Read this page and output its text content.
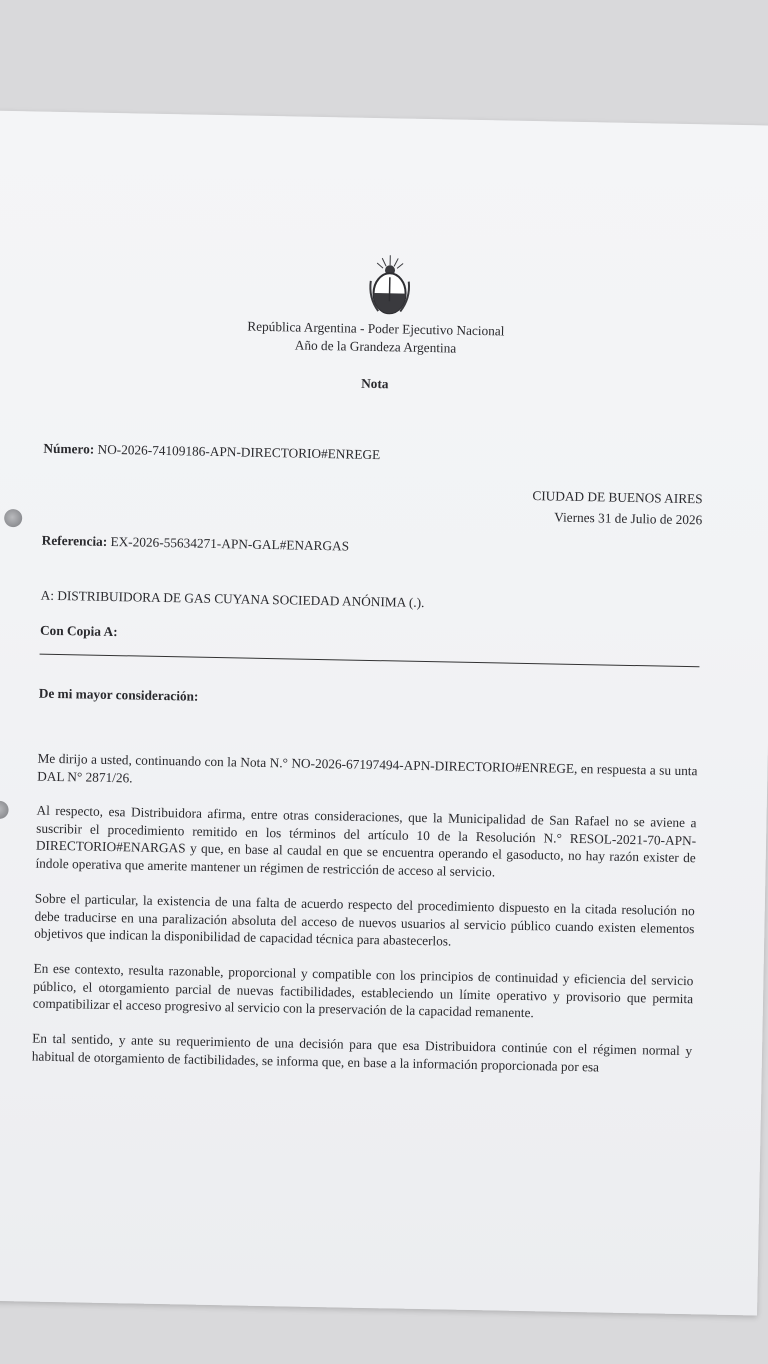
República Argentina - Poder Ejecutivo Nacional
Año de la Grandeza Argentina
Nota
Número: NO-2026-74109186-APN-DIRECTORIO#ENREGE
CIUDAD DE BUENOS AIRES
Viernes 31 de Julio de 2026
Referencia: EX-2026-55634271-APN-GAL#ENARGAS
A: DISTRIBUIDORA DE GAS CUYANA SOCIEDAD ANÓNIMA (.).
Con Copia A:
De mi mayor consideración:
Me dirijo a usted, continuando con la Nota N.° NO-2026-67197494-APN-DIRECTORIO#ENREGE, en respuesta a su unta DAL N° 2871/26.
Al respecto, esa Distribuidora afirma, entre otras consideraciones, que la Municipalidad de San Rafael no se aviene a suscribir el procedimiento remitido en los términos del artículo 10 de la Resolución N.° RESOL-2021-70-APN-DIRECTORIO#ENARGAS y que, en base al caudal en que se encuentra operando el gasoducto, no hay razón exister de índole operativa que amerite mantener un régimen de restricción de acceso al servicio.
Sobre el particular, la existencia de una falta de acuerdo respecto del procedimiento dispuesto en la citada resolución no debe traducirse en una paralización absoluta del acceso de nuevos usuarios al servicio público cuando existen elementos objetivos que indican la disponibilidad de capacidad técnica para abastecerlos.
En ese contexto, resulta razonable, proporcional y compatible con los principios de continuidad y eficiencia del servicio público, el otorgamiento parcial de nuevas factibilidades, estableciendo un límite operativo y provisorio que permita compatibilizar el acceso progresivo al servicio con la preservación de la capacidad remanente.
En tal sentido, y ante su requerimiento de una decisión para que esa Distribuidora continúe con el régimen normal y habitual de otorgamiento de factibilidades, se informa que, en base a la información proporcionada por esa
